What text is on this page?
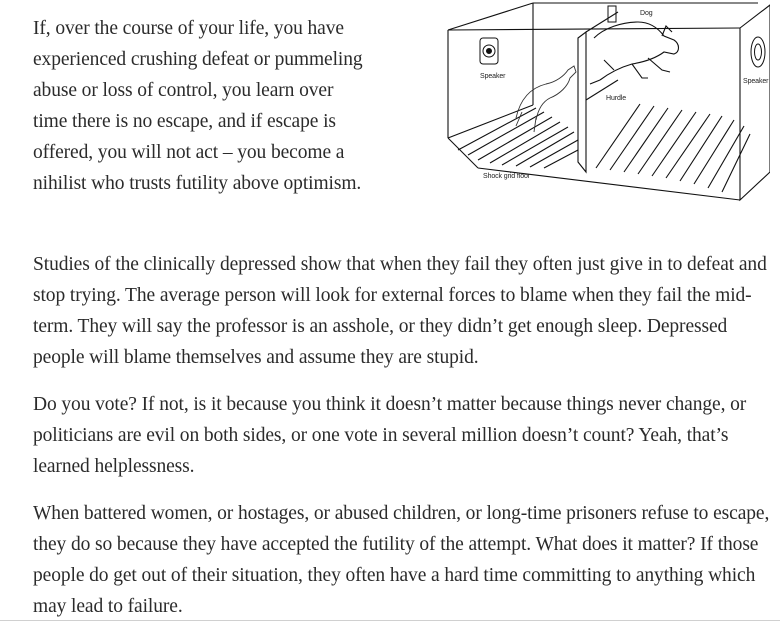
If, over the course of your life, you have experienced crushing defeat or pummeling abuse or loss of control, you learn over time there is no escape, and if escape is offered, you will not act – you become a nihilist who trusts futility above optimism.

Dog
Speaker
Speaker
Hurdle
Shock grid floor

Studies of the clinically depressed show that when they fail they often just give in to defeat and stop trying. The average person will look for external forces to blame when they fail the mid-term. They will say the professor is an asshole, or they didn’t get enough sleep. Depressed people will blame themselves and assume they are stupid.

Do you vote? If not, is it because you think it doesn’t matter because things never change, or politicians are evil on both sides, or one vote in several million doesn’t count? Yeah, that’s learned helplessness.

When battered women, or hostages, or abused children, or long-time prisoners refuse to escape, they do so because they have accepted the futility of the attempt. What does it matter? If those people do get out of their situation, they often have a hard time committing to anything which may lead to failure.
